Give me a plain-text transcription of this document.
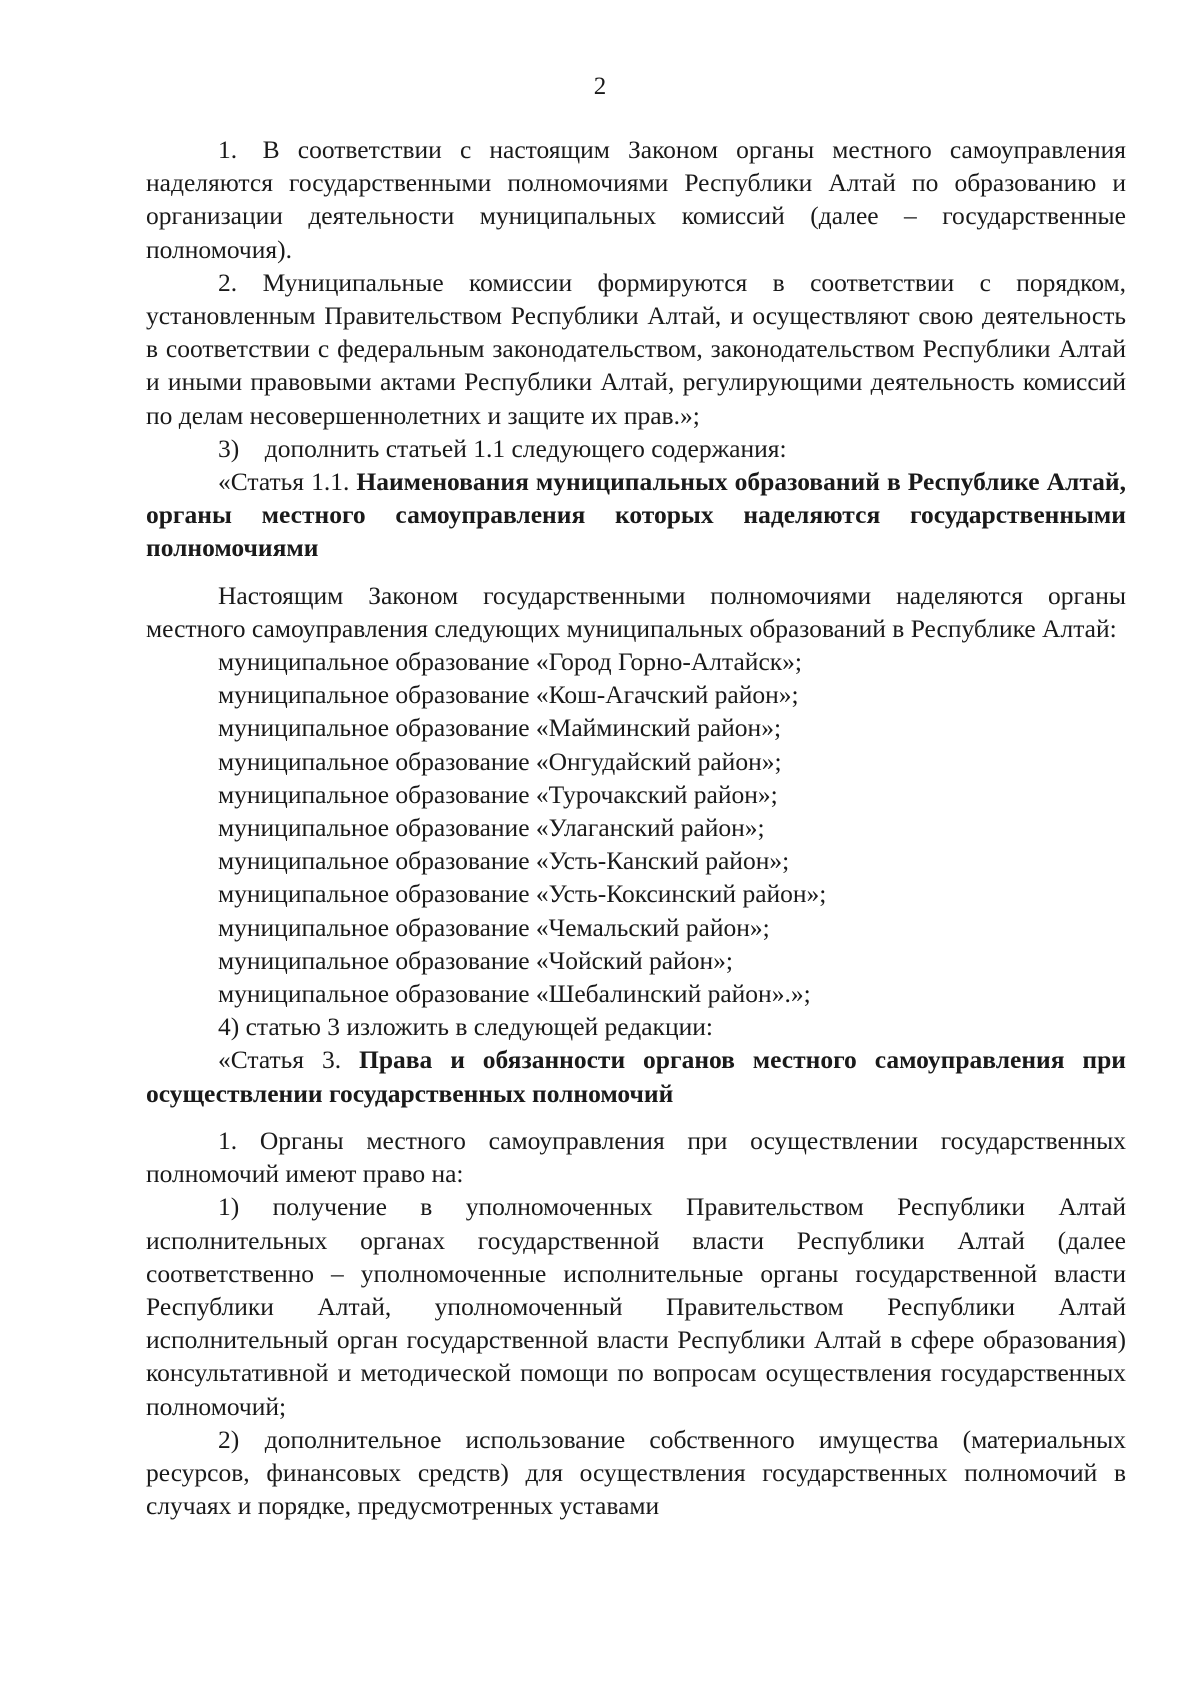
2

1. В соответствии с настоящим Законом органы местного самоуправления наделяются государственными полномочиями Республики Алтай по образованию и организации деятельности муниципальных комиссий (далее – государственные полномочия).

2. Муниципальные комиссии формируются в соответствии с порядком, установленным Правительством Республики Алтай, и осуществляют свою деятельность в соответствии с федеральным законодательством, законодательством Республики Алтай и иными правовыми актами Республики Алтай, регулирующими деятельность комиссий по делам несовершеннолетних и защите их прав.»;

3) дополнить статьей 1.1 следующего содержания:

«Статья 1.1. Наименования муниципальных образований в Республике Алтай, органы местного самоуправления которых наделяются государственными полномочиями

Настоящим Законом государственными полномочиями наделяются органы местного самоуправления следующих муниципальных образований в Республике Алтай:

муниципальное образование «Город Горно-Алтайск»;

муниципальное образование «Кош-Агачский район»;

муниципальное образование «Майминский район»;

муниципальное образование «Онгудайский район»;

муниципальное образование «Турочакский район»;

муниципальное образование «Улаганский район»;

муниципальное образование «Усть-Канский район»;

муниципальное образование «Усть-Коксинский район»;

муниципальное образование «Чемальский район»;

муниципальное образование «Чойский район»;

муниципальное образование «Шебалинский район».»;

4) статью 3 изложить в следующей редакции:

«Статья 3. Права и обязанности органов местного самоуправления при осуществлении государственных полномочий

1. Органы местного самоуправления при осуществлении государственных полномочий имеют право на:

1) получение в уполномоченных Правительством Республики Алтай исполнительных органах государственной власти Республики Алтай (далее соответственно – уполномоченные исполнительные органы государственной власти Республики Алтай, уполномоченный Правительством Республики Алтай исполнительный орган государственной власти Республики Алтай в сфере образования) консультативной и методической помощи по вопросам осуществления государственных полномочий;

2) дополнительное использование собственного имущества (материальных ресурсов, финансовых средств) для осуществления государственных полномочий в случаях и порядке, предусмотренных уставами
